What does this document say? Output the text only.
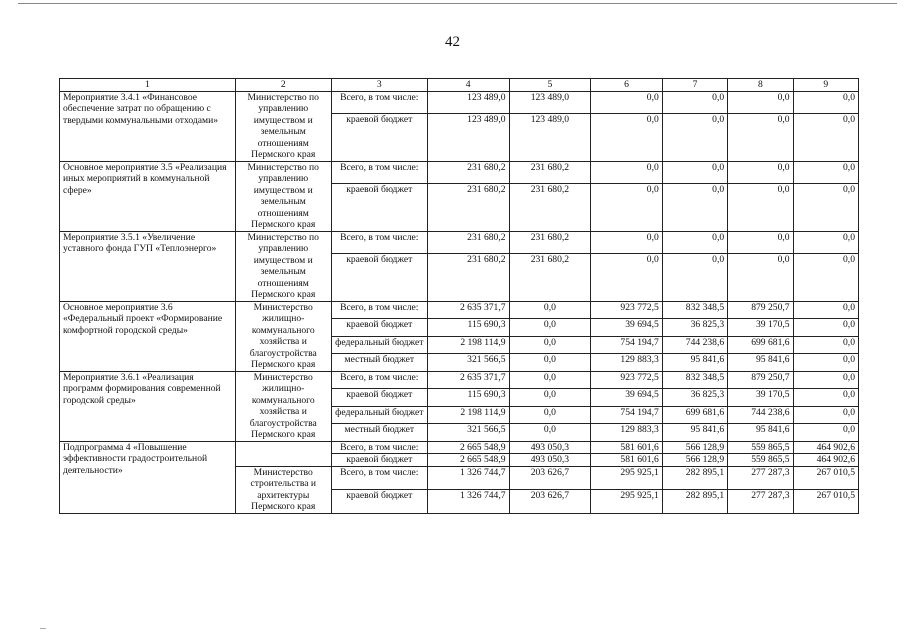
42
1	2	3	4	5	6	7	8	9
Мероприятие 3.4.1 «Финансовое обеспечение затрат по обращению с твердыми коммунальными отходами»	Министерство по управлению имуществом и земельным отношениям Пермского края	Всего, в том числе:	123 489,0	123 489,0	0,0	0,0	0,0	0,0
		краевой бюджет	123 489,0	123 489,0	0,0	0,0	0,0	0,0
Основное мероприятие 3.5 «Реализация иных мероприятий в коммунальной сфере»	Министерство по управлению имуществом и земельным отношениям Пермского края	Всего, в том числе:	231 680,2	231 680,2	0,0	0,0	0,0	0,0
		краевой бюджет	231 680,2	231 680,2	0,0	0,0	0,0	0,0
Мероприятие 3.5.1 «Увеличение уставного фонда ГУП «Теплоэнерго»	Министерство по управлению имуществом и земельным отношениям Пермского края	Всего, в том числе:	231 680,2	231 680,2	0,0	0,0	0,0	0,0
		краевой бюджет	231 680,2	231 680,2	0,0	0,0	0,0	0,0
Основное мероприятие 3.6 «Федеральный проект «Формирование комфортной городской среды»	Министерство жилищно-коммунального хозяйства и благоустройства Пермского края	Всего, в том числе:	2 635 371,7	0,0	923 772,5	832 348,5	879 250,7	0,0
		краевой бюджет	115 690,3	0,0	39 694,5	36 825,3	39 170,5	0,0
		федеральный бюджет	2 198 114,9	0,0	754 194,7	744 238,6	699 681,6	0,0
		местный бюджет	321 566,5	0,0	129 883,3	95 841,6	95 841,6	0,0
Мероприятие 3.6.1 «Реализация программ формирования современной городской среды»	Министерство жилищно-коммунального хозяйства и благоустройства Пермского края	Всего, в том числе:	2 635 371,7	0,0	923 772,5	832 348,5	879 250,7	0,0
		краевой бюджет	115 690,3	0,0	39 694,5	36 825,3	39 170,5	0,0
		федеральный бюджет	2 198 114,9	0,0	754 194,7	699 681,6	744 238,6	0,0
		местный бюджет	321 566,5	0,0	129 883,3	95 841,6	95 841,6	0,0
Подпрограмма 4 «Повышение эффективности градостроительной деятельности»		Всего, в том числе:	2 665 548,9	493 050,3	581 601,6	566 128,9	559 865,5	464 902,6
		краевой бюджет	2 665 548,9	493 050,3	581 601,6	566 128,9	559 865,5	464 902,6
	Министерство строительства и архитектуры Пермского края	Всего, в том числе:	1 326 744,7	203 626,7	295 925,1	282 895,1	277 287,3	267 010,5
		краевой бюджет	1 326 744,7	203 626,7	295 925,1	282 895,1	277 287,3	267 010,5
